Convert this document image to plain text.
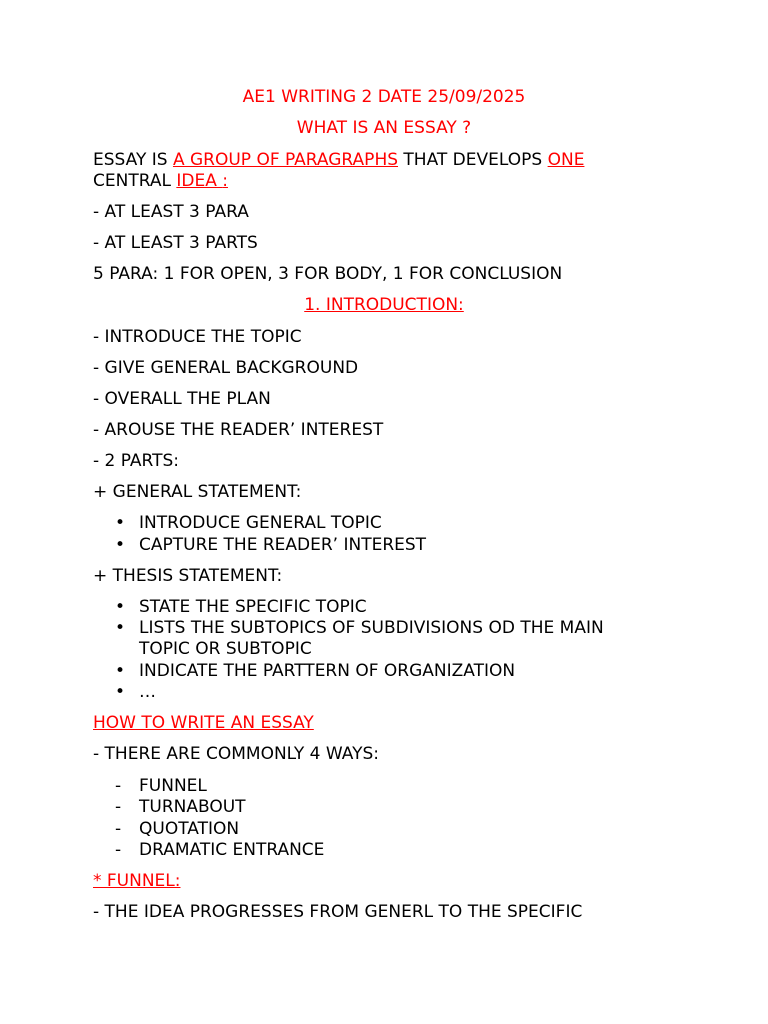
AE1 WRITING 2 DATE 25/09/2025
WHAT IS AN ESSAY ?
ESSAY IS A GROUP OF PARAGRAPHS THAT DEVELOPS ONE
CENTRAL IDEA :
- AT LEAST 3 PARA
- AT LEAST 3 PARTS
5 PARA: 1 FOR OPEN, 3 FOR BODY, 1 FOR CONCLUSION
1. INTRODUCTION:
- INTRODUCE THE TOPIC
- GIVE GENERAL BACKGROUND
- OVERALL THE PLAN
- AROUSE THE READER’ INTEREST
- 2 PARTS:
+ GENERAL STATEMENT:
• INTRODUCE GENERAL TOPIC
• CAPTURE THE READER’ INTEREST
+ THESIS STATEMENT:
• STATE THE SPECIFIC TOPIC
• LISTS THE SUBTOPICS OF SUBDIVISIONS OD THE MAIN
TOPIC OR SUBTOPIC
• INDICATE THE PARTTERN OF ORGANIZATION
• …
HOW TO WRITE AN ESSAY
- THERE ARE COMMONLY 4 WAYS:
- FUNNEL
- TURNABOUT
- QUOTATION
- DRAMATIC ENTRANCE
* FUNNEL:
- THE IDEA PROGRESSES FROM GENERL TO THE SPECIFIC
